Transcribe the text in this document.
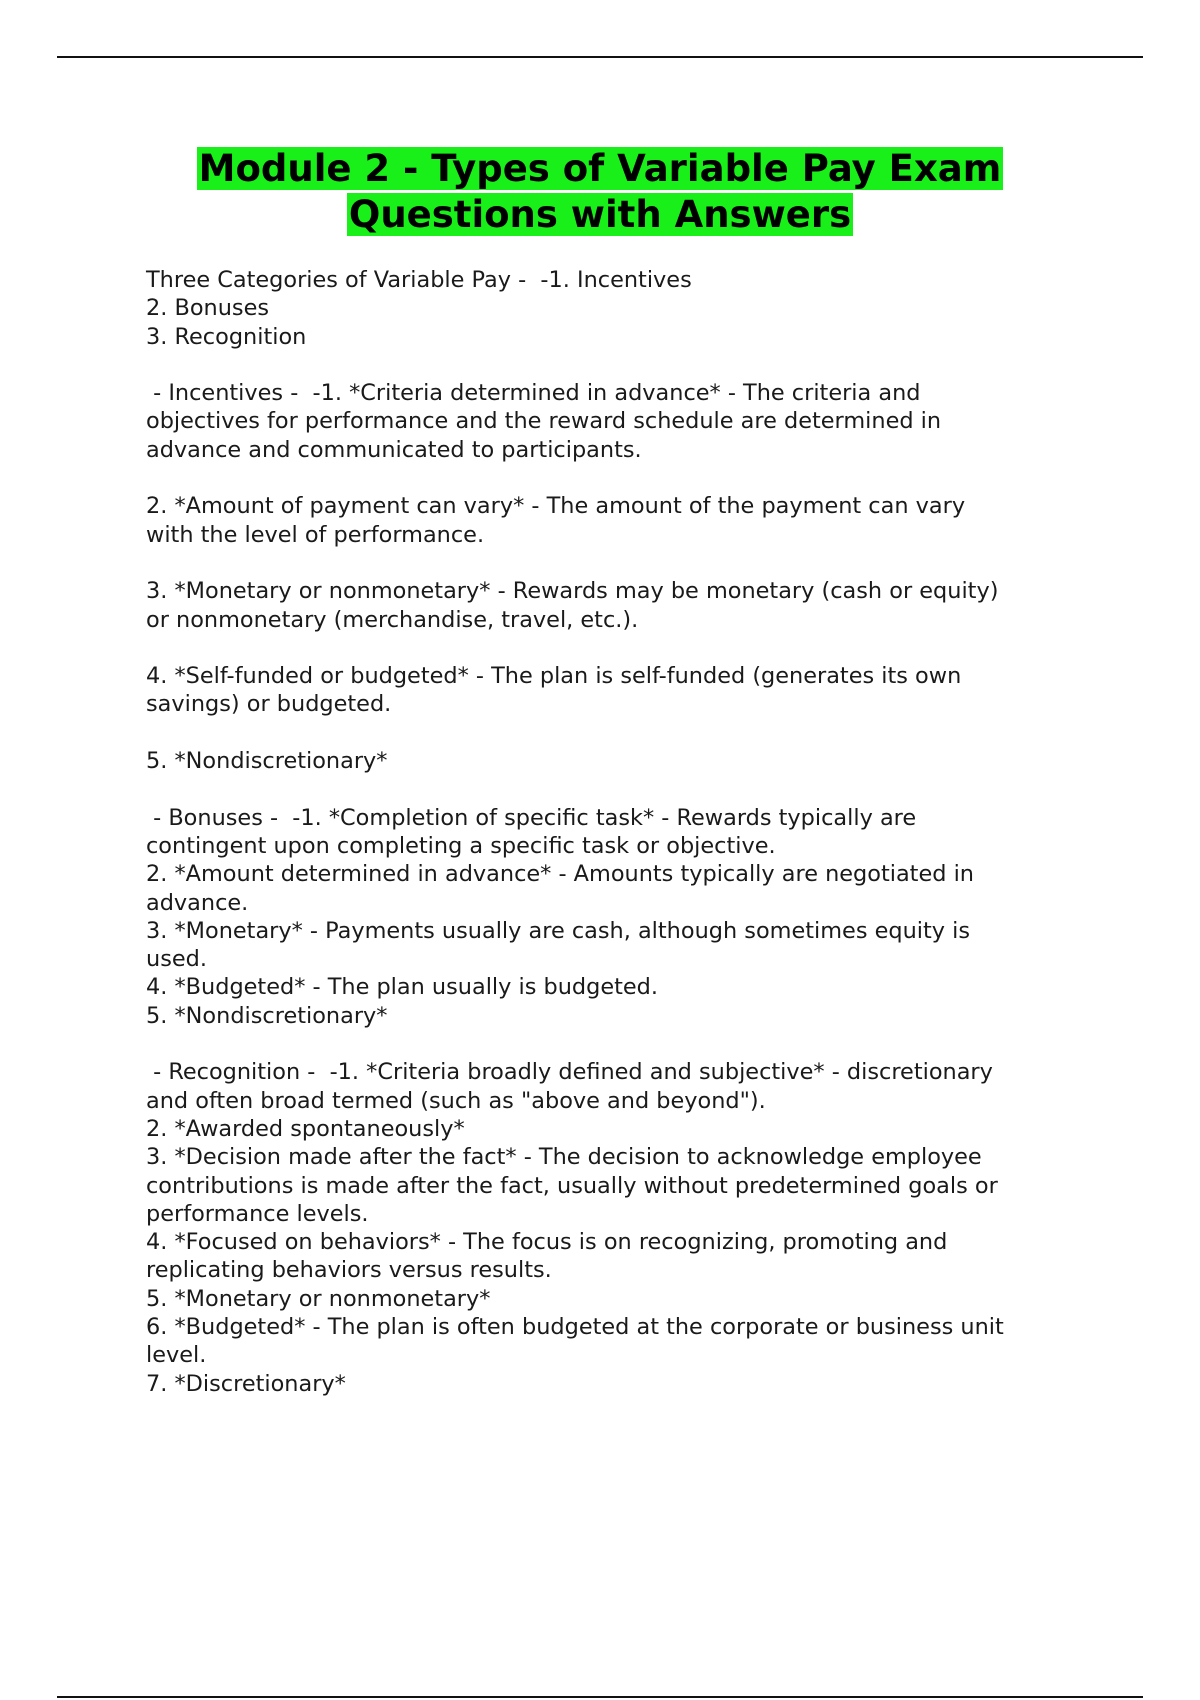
Module 2 - Types of Variable Pay Exam
Questions with Answers
Three Categories of Variable Pay -  -1. Incentives
2. Bonuses
3. Recognition
- Incentives -  -1. *Criteria determined in advance* - The criteria and
objectives for performance and the reward schedule are determined in
advance and communicated to participants.
2. *Amount of payment can vary* - The amount of the payment can vary
with the level of performance.
3. *Monetary or nonmonetary* - Rewards may be monetary (cash or equity)
or nonmonetary (merchandise, travel, etc.).
4. *Self-funded or budgeted* - The plan is self-funded (generates its own
savings) or budgeted.
5. *Nondiscretionary*
- Bonuses -  -1. *Completion of specific task* - Rewards typically are
contingent upon completing a specific task or objective.
2. *Amount determined in advance* - Amounts typically are negotiated in
advance.
3. *Monetary* - Payments usually are cash, although sometimes equity is
used.
4. *Budgeted* - The plan usually is budgeted.
5. *Nondiscretionary*
- Recognition -  -1. *Criteria broadly defined and subjective* - discretionary
and often broad termed (such as "above and beyond").
2. *Awarded spontaneously*
3. *Decision made after the fact* - The decision to acknowledge employee
contributions is made after the fact, usually without predetermined goals or
performance levels.
4. *Focused on behaviors* - The focus is on recognizing, promoting and
replicating behaviors versus results.
5. *Monetary or nonmonetary*
6. *Budgeted* - The plan is often budgeted at the corporate or business unit
level.
7. *Discretionary*
